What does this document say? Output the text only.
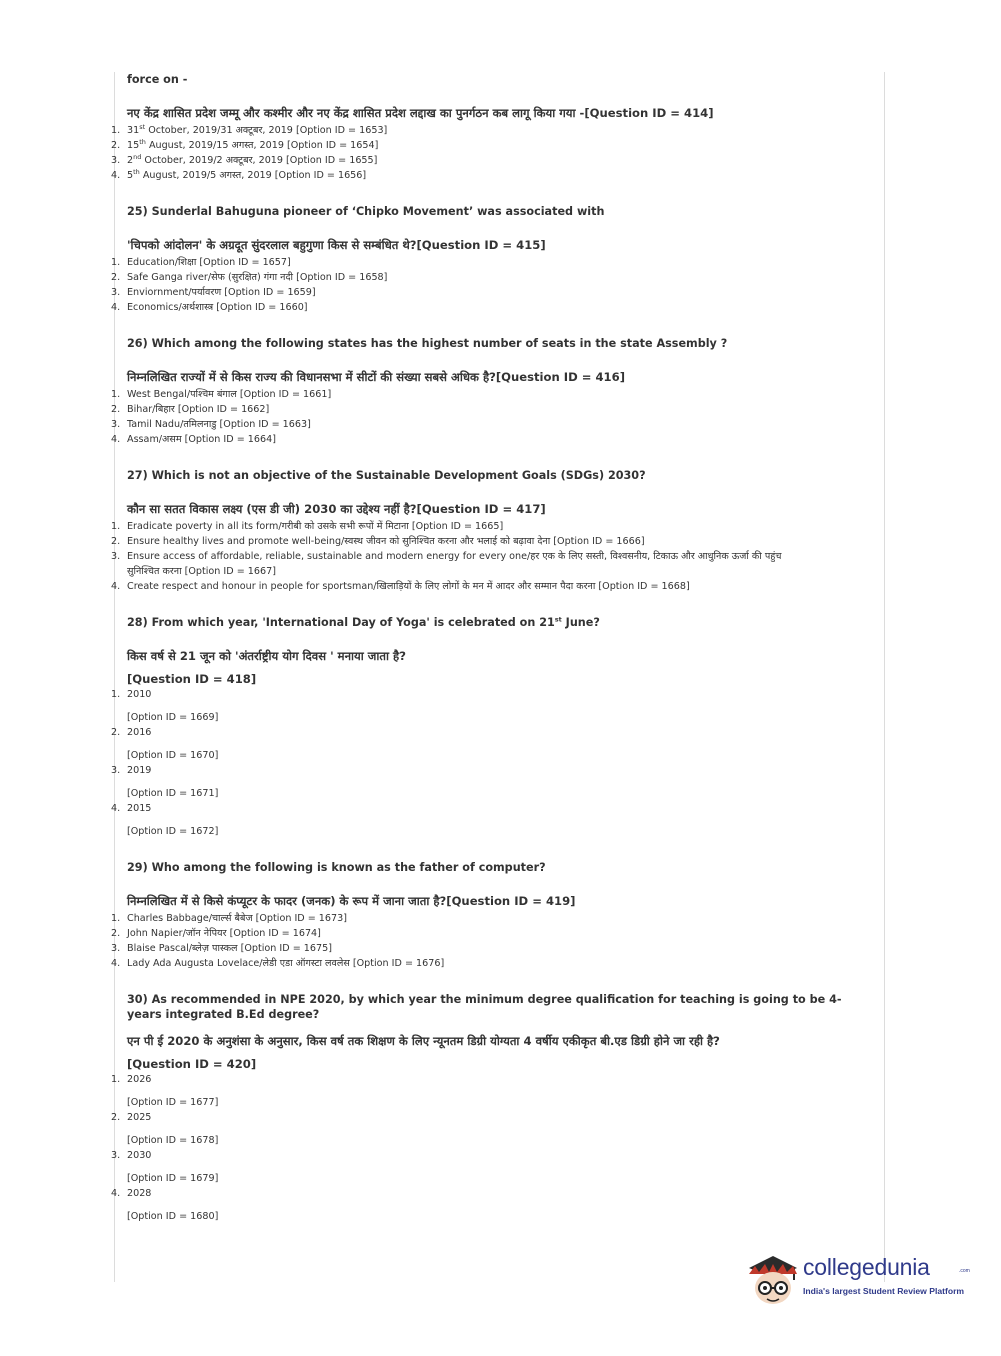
force on -
नए केंद्र शासित प्रदेश जम्मू और कश्मीर और नए केंद्र शासित प्रदेश लद्दाख का पुनर्गठन कब लागू किया गया -[Question ID = 414]
1. 31st October, 2019/31 अक्टूबर, 2019 [Option ID = 1653]
2. 15th August, 2019/15 अगस्त, 2019 [Option ID = 1654]
3. 2nd October, 2019/2 अक्टूबर, 2019 [Option ID = 1655]
4. 5th August, 2019/5 अगस्त, 2019 [Option ID = 1656]
25) Sunderlal Bahuguna pioneer of ‘Chipko Movement’ was associated with
'चिपको आंदोलन' के अग्रदूत सुंदरलाल बहुगुणा किस से सम्बंधित थे?[Question ID = 415]
1. Education/शिक्षा [Option ID = 1657]
2. Safe Ganga river/सेफ (सुरक्षित) गंगा नदी [Option ID = 1658]
3. Enviornment/पर्यावरण [Option ID = 1659]
4. Economics/अर्थशास्त्र [Option ID = 1660]
26) Which among the following states has the highest number of seats in the state Assembly ?
निम्नलिखित राज्यों में से किस राज्य की विधानसभा में सीटों की संख्या सबसे अधिक है?[Question ID = 416]
1. West Bengal/पश्चिम बंगाल [Option ID = 1661]
2. Bihar/बिहार [Option ID = 1662]
3. Tamil Nadu/तमिलनाडु [Option ID = 1663]
4. Assam/असम [Option ID = 1664]
27) Which is not an objective of the Sustainable Development Goals (SDGs) 2030?
कौन सा सतत विकास लक्ष्य (एस डी जी) 2030 का उद्देश्य नहीं है?[Question ID = 417]
1. Eradicate poverty in all its form/गरीबी को उसके सभी रूपों में मिटाना [Option ID = 1665]
2. Ensure healthy lives and promote well-being/स्वस्थ जीवन को सुनिश्चित करना और भलाई को बढ़ावा देना [Option ID = 1666]
3. Ensure access of affordable, reliable, sustainable and modern energy for every one/हर एक के लिए सस्ती, विश्वसनीय, टिकाऊ और आधुनिक ऊर्जा की पहुंच
सुनिश्चित करना [Option ID = 1667]
4. Create respect and honour in people for sportsman/खिलाड़ियों के लिए लोगों के मन में आदर और सम्मान पैदा करना [Option ID = 1668]
28) From which year, 'International Day of Yoga' is celebrated on 21st June?
किस वर्ष से 21 जून को 'अंतर्राष्ट्रीय योग दिवस ' मनाया जाता है?
[Question ID = 418]
1. 2010
[Option ID = 1669]
2. 2016
[Option ID = 1670]
3. 2019
[Option ID = 1671]
4. 2015
[Option ID = 1672]
29) Who among the following is known as the father of computer?
निम्नलिखित में से किसे कंप्यूटर के फादर (जनक) के रूप में जाना जाता है?[Question ID = 419]
1. Charles Babbage/चार्ल्स बैबेज [Option ID = 1673]
2. John Napier/जॉन नेपियर [Option ID = 1674]
3. Blaise Pascal/ब्लेज़ पास्कल [Option ID = 1675]
4. Lady Ada Augusta Lovelace/लेडी एडा ऑगस्टा लवलेस [Option ID = 1676]
30) As recommended in NPE 2020, by which year the minimum degree qualification for teaching is going to be 4-years integrated B.Ed degree?
एन पी ई 2020 के अनुशंसा के अनुसार, किस वर्ष तक शिक्षण के लिए न्यूनतम डिग्री योग्यता 4 वर्षीय एकीकृत बी.एड डिग्री होने जा रही है?
[Question ID = 420]
1. 2026
[Option ID = 1677]
2. 2025
[Option ID = 1678]
3. 2030
[Option ID = 1679]
4. 2028
[Option ID = 1680]
collegedunia	.com
India's largest Student Review Platform
